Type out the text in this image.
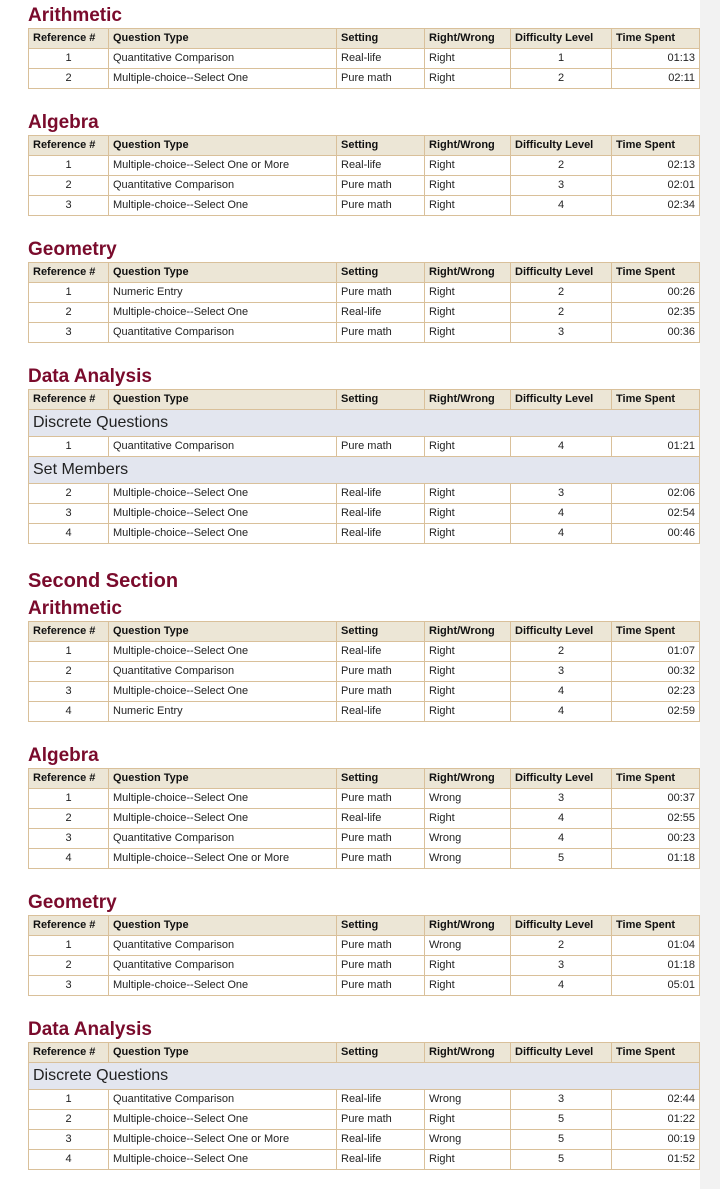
Arithmetic
Reference #	Question Type	Setting	Right/Wrong	Difficulty Level	Time Spent
1	Quantitative Comparison	Real-life	Right	1	01:13
2	Multiple-choice--Select One	Pure math	Right	2	02:11
Algebra
Reference #	Question Type	Setting	Right/Wrong	Difficulty Level	Time Spent
1	Multiple-choice--Select One or More	Real-life	Right	2	02:13
2	Quantitative Comparison	Pure math	Right	3	02:01
3	Multiple-choice--Select One	Pure math	Right	4	02:34
Geometry
Reference #	Question Type	Setting	Right/Wrong	Difficulty Level	Time Spent
1	Numeric Entry	Pure math	Right	2	00:26
2	Multiple-choice--Select One	Real-life	Right	2	02:35
3	Quantitative Comparison	Pure math	Right	3	00:36
Data Analysis
Reference #	Question Type	Setting	Right/Wrong	Difficulty Level	Time Spent
Discrete Questions					
1	Quantitative Comparison	Pure math	Right	4	01:21
Set Members					
2	Multiple-choice--Select One	Real-life	Right	3	02:06
3	Multiple-choice--Select One	Real-life	Right	4	02:54
4	Multiple-choice--Select One	Real-life	Right	4	00:46
Second Section
Arithmetic
Reference #	Question Type	Setting	Right/Wrong	Difficulty Level	Time Spent
1	Multiple-choice--Select One	Real-life	Right	2	01:07
2	Quantitative Comparison	Pure math	Right	3	00:32
3	Multiple-choice--Select One	Pure math	Right	4	02:23
4	Numeric Entry	Real-life	Right	4	02:59
Algebra
Reference #	Question Type	Setting	Right/Wrong	Difficulty Level	Time Spent
1	Multiple-choice--Select One	Pure math	Wrong	3	00:37
2	Multiple-choice--Select One	Real-life	Right	4	02:55
3	Quantitative Comparison	Pure math	Wrong	4	00:23
4	Multiple-choice--Select One or More	Pure math	Wrong	5	01:18
Geometry
Reference #	Question Type	Setting	Right/Wrong	Difficulty Level	Time Spent
1	Quantitative Comparison	Pure math	Wrong	2	01:04
2	Quantitative Comparison	Pure math	Right	3	01:18
3	Multiple-choice--Select One	Pure math	Right	4	05:01
Data Analysis
Reference #	Question Type	Setting	Right/Wrong	Difficulty Level	Time Spent
Discrete Questions					
1	Quantitative Comparison	Real-life	Wrong	3	02:44
2	Multiple-choice--Select One	Pure math	Right	5	01:22
3	Multiple-choice--Select One or More	Real-life	Wrong	5	00:19
4	Multiple-choice--Select One	Real-life	Right	5	01:52
